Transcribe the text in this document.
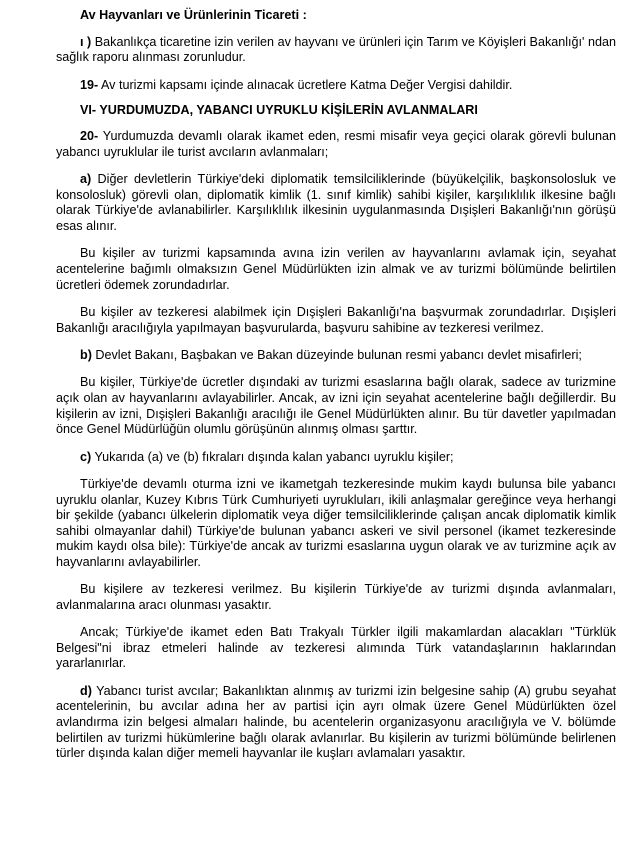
Av Hayvanları ve Ürünlerinin Ticareti :

ı ) Bakanlıkça ticaretine izin verilen av hayvanı ve ürünleri için Tarım ve Köyişleri Bakanlığı' ndan sağlık raporu alınması zorunludur.

19- Av turizmi kapsamı içinde alınacak ücretlere Katma Değer Vergisi dahildir.

VI- YURDUMUZDA, YABANCI UYRUKLU KİŞİLERİN AVLANMALARI

20- Yurdumuzda devamlı olarak ikamet eden, resmi misafir veya geçici olarak görevli bulunan yabancı uyruklular ile turist avcıların avlanmaları;

a) Diğer devletlerin Türkiye'deki diplomatik temsilciliklerinde (büyükelçilik, başkonsolosluk ve konsolosluk) görevli olan, diplomatik kimlik (1. sınıf kimlik) sahibi kişiler, karşılıklılık ilkesine bağlı olarak Türkiye'de avlanabilirler. Karşılıklılık ilkesinin uygulanmasında Dışişleri Bakanlığı'nın görüşü esas alınır.

Bu kişiler av turizmi kapsamında avına izin verilen av hayvanlarını avlamak için, seyahat acentelerine bağımlı olmaksızın Genel Müdürlükten izin almak ve av turizmi bölümünde belirtilen ücretleri ödemek zorundadırlar.

Bu kişiler av tezkeresi alabilmek için Dışişleri Bakanlığı'na başvurmak zorundadırlar. Dışişleri Bakanlığı aracılığıyla yapılmayan başvurularda, başvuru sahibine av tezkeresi verilmez.

b) Devlet Bakanı, Başbakan ve Bakan düzeyinde bulunan resmi yabancı devlet misafirleri;

Bu kişiler, Türkiye'de ücretler dışındaki av turizmi esaslarına bağlı olarak, sadece av turizmine açık olan av hayvanlarını avlayabilirler. Ancak, av izni için seyahat acentelerine bağlı değillerdir. Bu kişilerin av izni, Dışişleri Bakanlığı aracılığı ile Genel Müdürlükten alınır. Bu tür davetler yapılmadan önce Genel Müdürlüğün olumlu görüşünün alınmış olması şarttır.

c) Yukarıda (a) ve (b) fıkraları dışında kalan yabancı uyruklu kişiler;

Türkiye'de devamlı oturma izni ve ikametgah tezkeresinde mukim kaydı bulunsa bile yabancı uyruklu olanlar, Kuzey Kıbrıs Türk Cumhuriyeti uyrukluları, ikili anlaşmalar gereğince veya herhangi bir şekilde (yabancı ülkelerin diplomatik veya diğer temsilciliklerinde çalışan ancak diplomatik kimlik sahibi olmayanlar dahil) Türkiye'de bulunan yabancı askeri ve sivil personel (ikamet tezkeresinde mukim kaydı olsa bile): Türkiye'de ancak av turizmi esaslarına uygun olarak ve av turizmine açık av hayvanlarını avlayabilirler.

Bu kişilere av tezkeresi verilmez. Bu kişilerin Türkiye'de av turizmi dışında avlanmaları, avlanmalarına aracı olunması yasaktır.

Ancak; Türkiye'de ikamet eden Batı Trakyalı Türkler ilgili makamlardan alacakları "Türklük Belgesi"ni ibraz etmeleri halinde av tezkeresi alımında Türk vatandaşlarının haklarından yararlanırlar.

d) Yabancı turist avcılar; Bakanlıktan alınmış av turizmi izin belgesine sahip (A) grubu seyahat acentelerinin, bu avcılar adına her av partisi için ayrı olmak üzere Genel Müdürlükten özel avlandırma izin belgesi almaları halinde, bu acentelerin organizasyonu aracılığıyla ve V. bölümde belirtilen av turizmi hükümlerine bağlı olarak avlanırlar. Bu kişilerin av turizmi bölümünde belirlenen türler dışında kalan diğer memeli hayvanlar ile kuşları avlamaları yasaktır.
